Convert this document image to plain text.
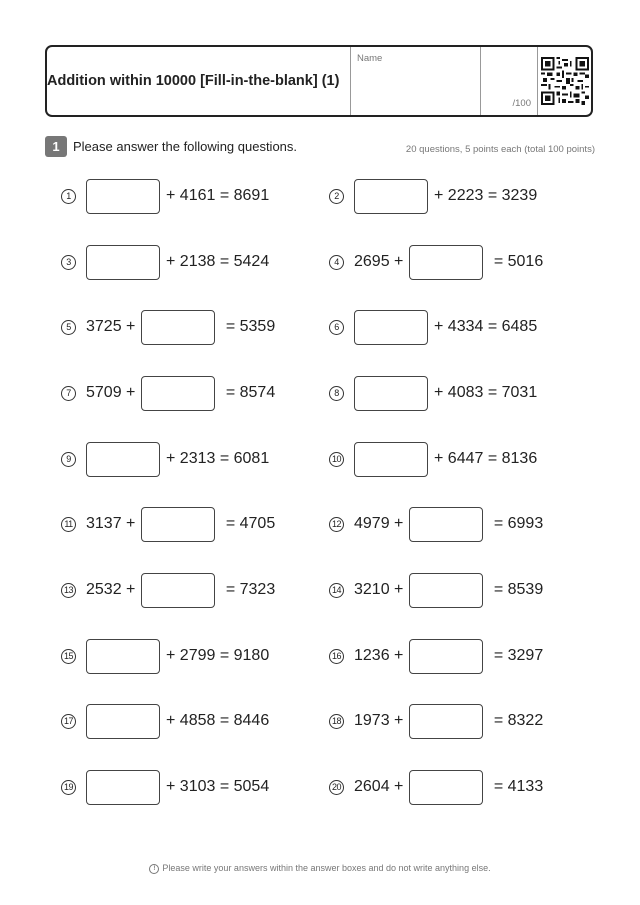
Addition within 10000 [Fill-in-the-blank] (1)
Name
/100
1	Please answer the following questions.	20 questions, 5 points each (total 100 points)
1	+ 4161 = 8691	2	+ 2223 = 3239
3	+ 2138 = 5424	4 2695 +	= 5016
5 3725 +	= 5359	6	+ 4334 = 6485
7 5709 +	= 8574	8	+ 4083 = 7031
9	+ 2313 = 6081	10	+ 6447 = 8136
11 3137 +	= 4705	12 4979 +	= 6993
13 2532 +	= 7323	14 3210 +	= 8539
15	+ 2799 = 9180	16 1236 +	= 3297
17	+ 4858 = 8446	18 1973 +	= 8322
19	+ 3103 = 5054	20 2604 +	= 4133
! Please write your answers within the answer boxes and do not write anything else.
